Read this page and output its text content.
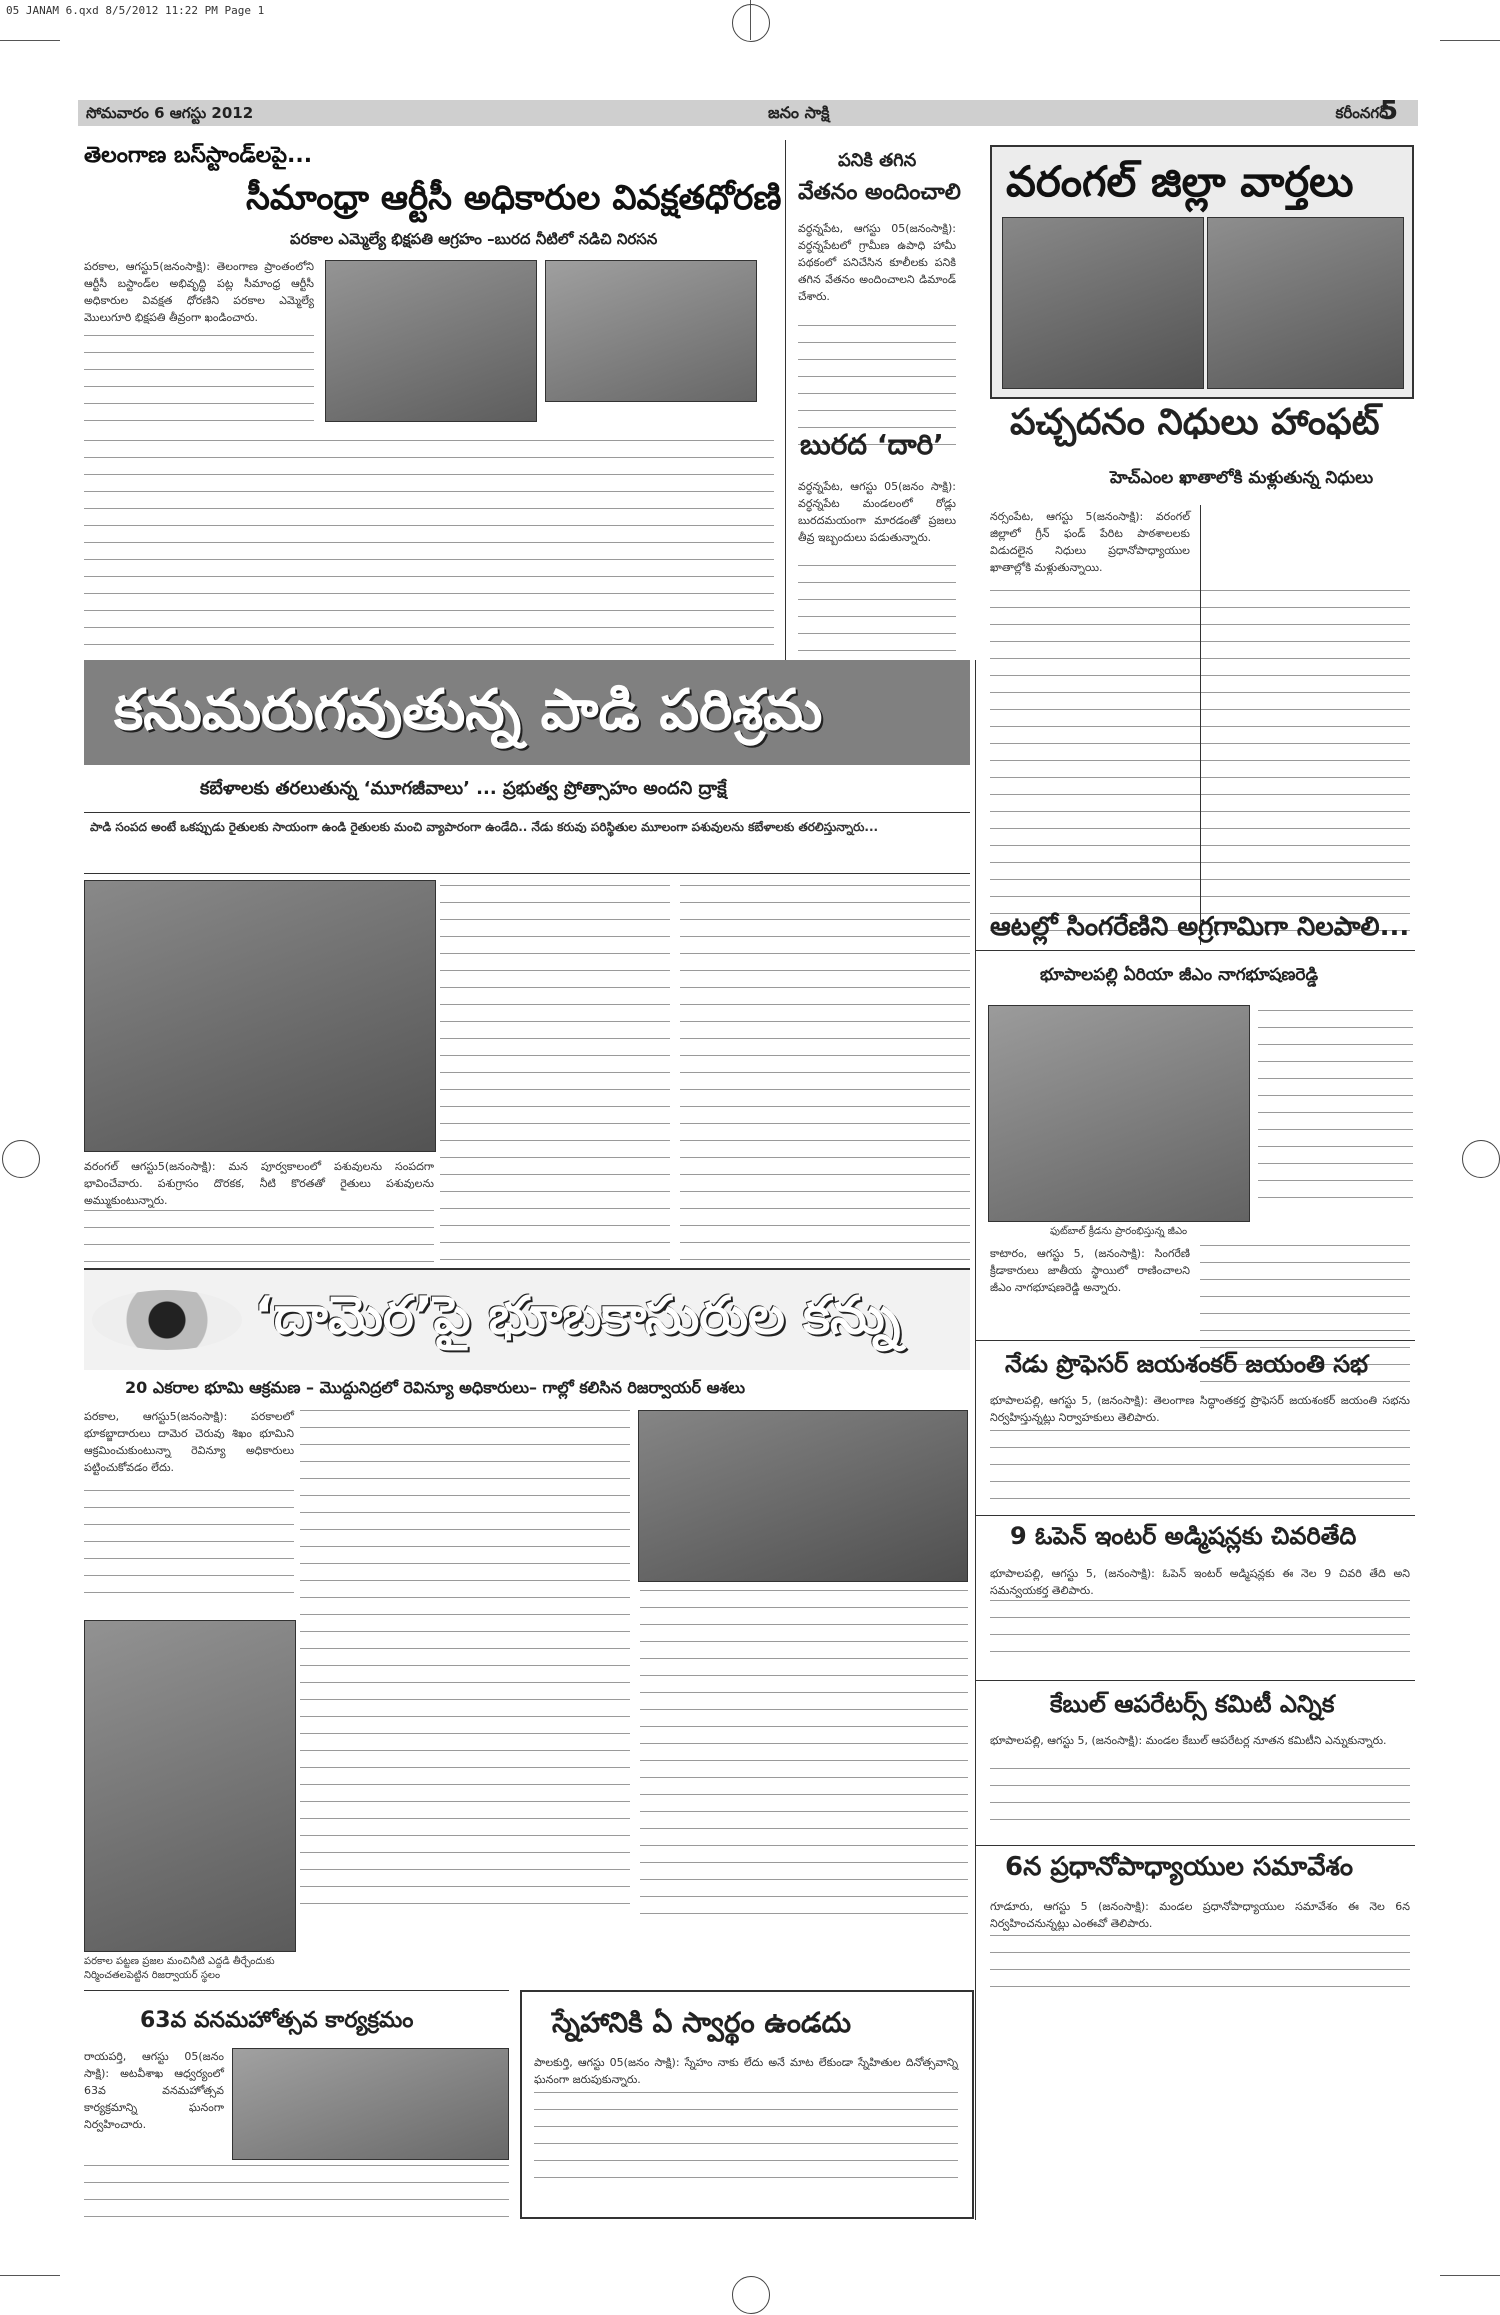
05 JANAM 6.qxd 8/5/2012 11:22 PM Page 1
సోమవారం 6 ఆగస్టు 2012	జనం సాక్షి	కరీంనగర్
5
తెలంగాణ బస్‌స్టాండ్‌లపై...
సీమాంధ్రా ఆర్టీసీ అధికారుల వివక్షతధోరణి
పరకాల ఎమ్మెల్యే భిక్షపతి ఆగ్రహం –బురద నీటిలో నడిచి నిరసన

పరకాల, ఆగస్టు5(జనంసాక్షి): తెలంగాణ ప్రాంతంలోని ఆర్టీసీ బస్టాండ్‌ల అభివృద్ధి పట్ల సీమాంధ్ర ఆర్టీసీ అధికారుల వివక్షత ధోరణిని పరకాల ఎమ్మెల్యే మొలుగూరి భిక్షపతి తీవ్రంగా ఖండించారు.

పనికి తగిన
వేతనం అందించాలి

వర్ధన్నపేట, ఆగస్టు 05(జనంసాక్షి): వర్ధన్నపేటలో గ్రామీణ ఉపాధి హామీ పథకంలో పనిచేసిన కూలీలకు పనికి తగిన వేతనం అందించాలని డిమాండ్ చేశారు.

బురద ‘దారి’

వర్ధన్నపేట, ఆగస్టు 05(జనం సాక్షి): వర్ధన్నపేట మండలంలో రోడ్లు బురదమయంగా మారడంతో ప్రజలు తీవ్ర ఇబ్బందులు పడుతున్నారు.

వరంగల్ జిల్లా వార్తలు
పచ్చదనం నిధులు హాంఫట్
హెచ్ఎంల ఖాతాలోకి మళ్లుతున్న నిధులు

నర్సంపేట, ఆగస్టు 5(జనంసాక్షి): వరంగల్ జిల్లాలో గ్రీన్ ఫండ్ పేరిట పాఠశాలలకు విడుదలైన నిధులు ప్రధానోపాధ్యాయుల ఖాతాల్లోకి మళ్లుతున్నాయి.

కనుమరుగవుతున్న పాడి పరిశ్రమ
కబేళాలకు తరలుతున్న ‘మూగజీవాలు’ ... ప్రభుత్వ ప్రోత్సాహం అందని ద్రాక్షే
పాడి సంపద అంటే ఒకప్పుడు రైతులకు సాయంగా ఉండి రైతులకు మంచి వ్యాపారంగా ఉండేది.. నేడు కరువు పరిస్థితుల మూలంగా పశువులను కబేళాలకు తరలిస్తున్నారు...

వరంగల్ ఆగస్టు5(జనంసాక్షి): మన పూర్వకాలంలో పశువులను సంపదగా భావించేవారు. పశుగ్రాసం దొరకక, నీటి కొరతతో రైతులు పశువులను అమ్ముకుంటున్నారు.

ఆటల్లో సింగరేణిని అగ్రగామిగా నిలపాలి...
భూపాలపల్లి ఏరియా జీఎం నాగభూషణరెడ్డి
ఫుట్‌బాల్ క్రీడను ప్రారంభిస్తున్న జీఎం

కాటారం, ఆగస్టు 5, (జనంసాక్షి): సింగరేణి క్రీడాకారులు జాతీయ స్థాయిలో రాణించాలని జీఎం నాగభూషణరెడ్డి అన్నారు.

‘దామెర’పై భూబకాసురుల కన్ను
20 ఎకరాల భూమి ఆక్రమణ – మొద్దునిద్రలో రెవిన్యూ అధికారులు– గాల్లో కలిసిన రిజర్వాయర్ ఆశలు

పరకాల, ఆగస్టు5(జనంసాక్షి): పరకాలలో భూకబ్జాదారులు దామెర చెరువు శిఖం భూమిని ఆక్రమించుకుంటున్నా రెవిన్యూ అధికారులు పట్టించుకోవడం లేదు.

పరకాల పట్టణ ప్రజల మంచినీటి ఎద్దడి తీర్చేందుకు నిర్మించతలపెట్టిన రిజర్వాయర్ స్థలం
నేడు ప్రొఫెసర్ జయశంకర్ జయంతి సభ

భూపాలపల్లి, ఆగస్టు 5, (జనంసాక్షి): తెలంగాణ సిద్ధాంతకర్త ప్రొఫెసర్ జయశంకర్ జయంతి సభను నిర్వహిస్తున్నట్లు నిర్వాహకులు తెలిపారు.

9 ఓపెన్ ఇంటర్ అడ్మిషన్లకు చివరితేది

భూపాలపల్లి, ఆగస్టు 5, (జనంసాక్షి): ఓపెన్ ఇంటర్ అడ్మిషన్లకు ఈ నెల 9 చివరి తేది అని సమన్వయకర్త తెలిపారు.

కేబుల్ ఆపరేటర్స్ కమిటీ ఎన్నిక

భూపాలపల్లి, ఆగస్టు 5, (జనంసాక్షి): మండల కేబుల్ ఆపరేటర్ల నూతన కమిటీని ఎన్నుకున్నారు.

6న ప్రధానోపాధ్యాయుల సమావేశం

గూడూరు, ఆగస్టు 5 (జనంసాక్షి): మండల ప్రధానోపాధ్యాయుల సమావేశం ఈ నెల 6న నిర్వహించనున్నట్లు ఎంఈవో తెలిపారు.

63వ వనమహోత్సవ కార్యక్రమం

రాయపర్తి, ఆగస్టు 05(జనం సాక్షి): అటవీశాఖ ఆధ్వర్యంలో 63వ వనమహోత్సవ కార్యక్రమాన్ని ఘనంగా నిర్వహించారు.

స్నేహానికి ఏ స్వార్థం ఉండదు

పాలకుర్తి, ఆగస్టు 05(జనం సాక్షి): స్నేహం నాకు లేదు అనే మాట లేకుండా స్నేహితుల దినోత్సవాన్ని ఘనంగా జరుపుకున్నారు.
